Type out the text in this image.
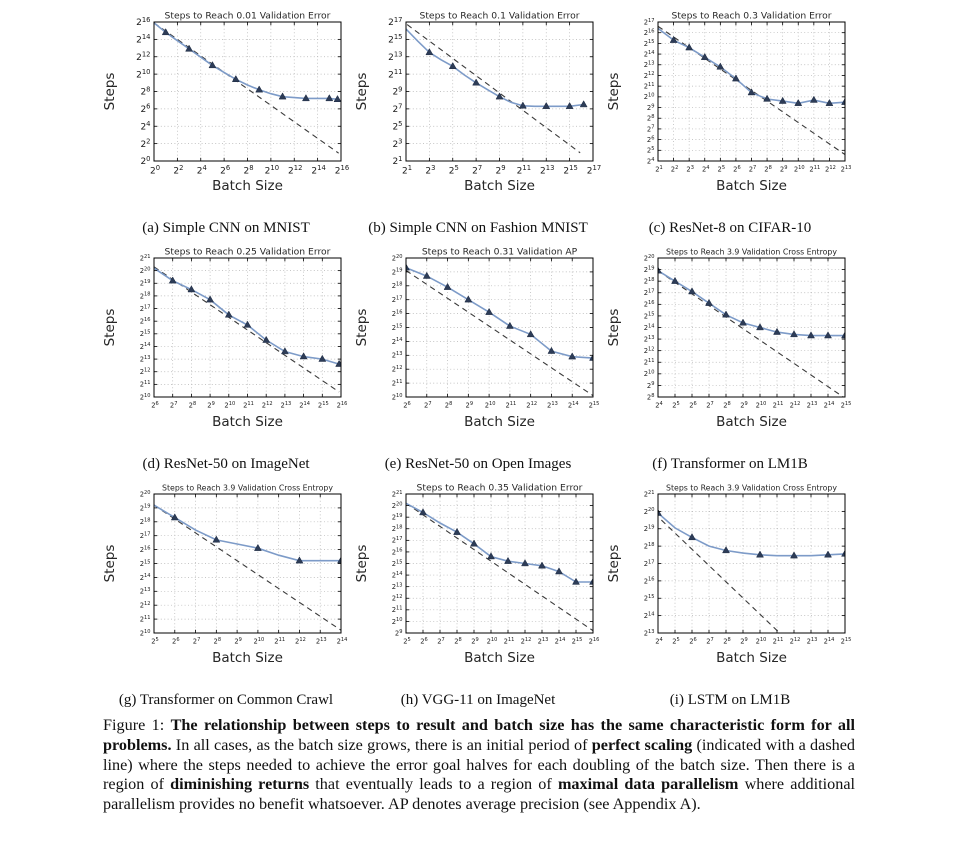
$2^0$ $2^2$ $2^4$ $2^6$ $2^8$ $2^{10}$ $2^{12}$ $2^{14}$ $2^{16}$
$2^0$
$2^2$
$2^4$
$2^6$
$2^8$
$2^{10}$
$2^{12}$
$2^{14}$
$2^{16}$ Steps to Reach 0.01 Validation Error
Batch Size
Steps
(a) Simple CNN on MNIST
$2^1$ $2^3$ $2^5$ $2^7$ $2^9$ $2^{11}$ $2^{13}$ $2^{15}$ $2^{17}$
$2^1$
$2^3$
$2^5$
$2^7$
$2^9$
$2^{11}$
$2^{13}$
$2^{15}$
$2^{17}$ Steps to Reach 0.1 Validation Error
Batch Size
Steps
(b) Simple CNN on Fashion MNIST
$2^1$ $2^2$ $2^3$ $2^4$ $2^5$ $2^6$ $2^7$ $2^8$ $2^9$ $2^{10}$ $2^{11}$ $2^{12}$ $2^{13}$
$2^4$
$2^5$
$2^6$
$2^7$
$2^8$
$2^9$
$2^{10}$
$2^{11}$
$2^{12}$
$2^{13}$
$2^{14}$
$2^{15}$
$2^{16}$
$2^{17}$ Steps to Reach 0.3 Validation Error
Batch Size
Steps
(c) ResNet-8 on CIFAR-10
$2^6$ $2^7$ $2^8$ $2^9$ $2^{10}$ $2^{11}$ $2^{12}$ $2^{13}$ $2^{14}$ $2^{15}$ $2^{16}$
$2^{10}$
$2^{11}$
$2^{12}$
$2^{13}$
$2^{14}$
$2^{15}$
$2^{16}$
$2^{17}$
$2^{18}$
$2^{19}$
$2^{20}$
$2^{21}$ Steps to Reach 0.25 Validation Error
Batch Size
Steps
(d) ResNet-50 on ImageNet
$2^6$ $2^7$ $2^8$ $2^9$ $2^{10}$ $2^{11}$ $2^{12}$ $2^{13}$ $2^{14}$ $2^{15}$
$2^{10}$
$2^{11}$
$2^{12}$
$2^{13}$
$2^{14}$
$2^{15}$
$2^{16}$
$2^{17}$
$2^{18}$
$2^{19}$
$2^{20}$ Steps to Reach 0.31 Validation AP
Batch Size
Steps
(e) ResNet-50 on Open Images
$2^4$ $2^5$ $2^6$ $2^7$ $2^8$ $2^9$ $2^{10}$ $2^{11}$ $2^{12}$ $2^{13}$ $2^{14}$ $2^{15}$
$2^8$
$2^9$
$2^{10}$
$2^{11}$
$2^{12}$
$2^{13}$
$2^{14}$
$2^{15}$
$2^{16}$
$2^{17}$
$2^{18}$
$2^{19}$
$2^{20}$
Steps to Reach 3.9 Validation Cross Entropy
Batch Size
Steps
(f) Transformer on LM1B
$2^5$ $2^6$ $2^7$ $2^8$ $2^9$ $2^{10}$ $2^{11}$ $2^{12}$ $2^{13}$ $2^{14}$
$2^{10}$
$2^{11}$
$2^{12}$
$2^{13}$
$2^{14}$
$2^{15}$
$2^{16}$
$2^{17}$
$2^{18}$
$2^{19}$
$2^{20}$
Steps to Reach 3.9 Validation Cross Entropy
Batch Size
Steps
(g) Transformer on Common Crawl
$2^5$ $2^6$ $2^7$ $2^8$ $2^9$ $2^{10}$ $2^{11}$ $2^{12}$ $2^{13}$ $2^{14}$ $2^{15}$ $2^{16}$
$2^9$
$2^{10}$
$2^{11}$
$2^{12}$
$2^{13}$
$2^{14}$
$2^{15}$
$2^{16}$
$2^{17}$
$2^{18}$
$2^{19}$
$2^{20}$
$2^{21}$ Steps to Reach 0.35 Validation Error
Batch Size
Steps
(h) VGG-11 on ImageNet
$2^4$ $2^5$ $2^6$ $2^7$ $2^8$ $2^9$ $2^{10}$ $2^{11}$ $2^{12}$ $2^{13}$ $2^{14}$ $2^{15}$
$2^{13}$
$2^{14}$
$2^{15}$
$2^{16}$
$2^{17}$
$2^{18}$
$2^{19}$
$2^{20}$
$2^{21}$
Steps to Reach 3.9 Validation Cross Entropy
Batch Size
Steps
(i) LSTM on LM1B

Figure 1: The relationship between steps to result and batch size has the same characteristic form for all problems. In all cases, as the batch size grows, there is an initial period of perfect scaling (indicated with a dashed line) where the steps needed to achieve the error goal halves for each doubling of the batch size. Then there is a region of diminishing returns that eventually leads to a region of maximal data parallelism where additional parallelism provides no benefit whatsoever. AP denotes average precision (see Appendix A).
